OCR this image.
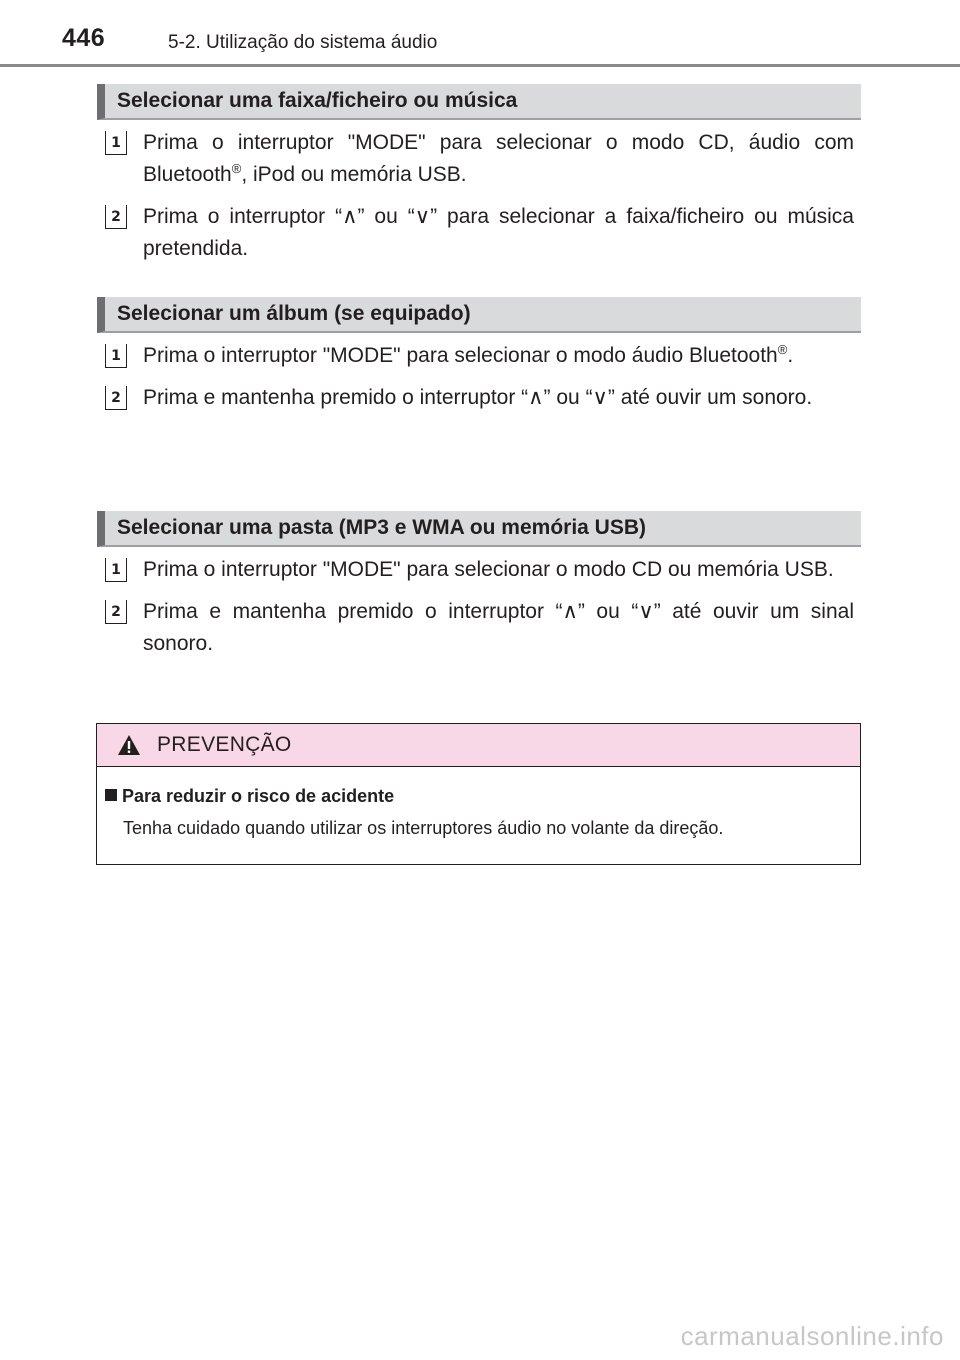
446	5-2. Utilização do sistema áudio
Selecionar uma faixa/ficheiro ou música
1 Prima o interruptor "MODE" para selecionar o modo CD, áudio com Bluetooth®, iPod ou memória USB.
2 Prima o interruptor “∧” ou “∨” para selecionar a faixa/ficheiro ou música pretendida.
Selecionar um álbum (se equipado)
1 Prima o interruptor "MODE" para selecionar o modo áudio Bluetooth®.
2 Prima e mantenha premido o interruptor “∧” ou “∨” até ouvir um sonoro.
Selecionar uma pasta (MP3 e WMA ou memória USB)
1 Prima o interruptor "MODE" para selecionar o modo CD ou memória USB.
2 Prima e mantenha premido o interruptor “∧” ou “∨” até ouvir um sinal sonoro.
PREVENÇÃO
Para reduzir o risco de acidente
Tenha cuidado quando utilizar os interruptores áudio no volante da direção.
carmanualsonline.info
